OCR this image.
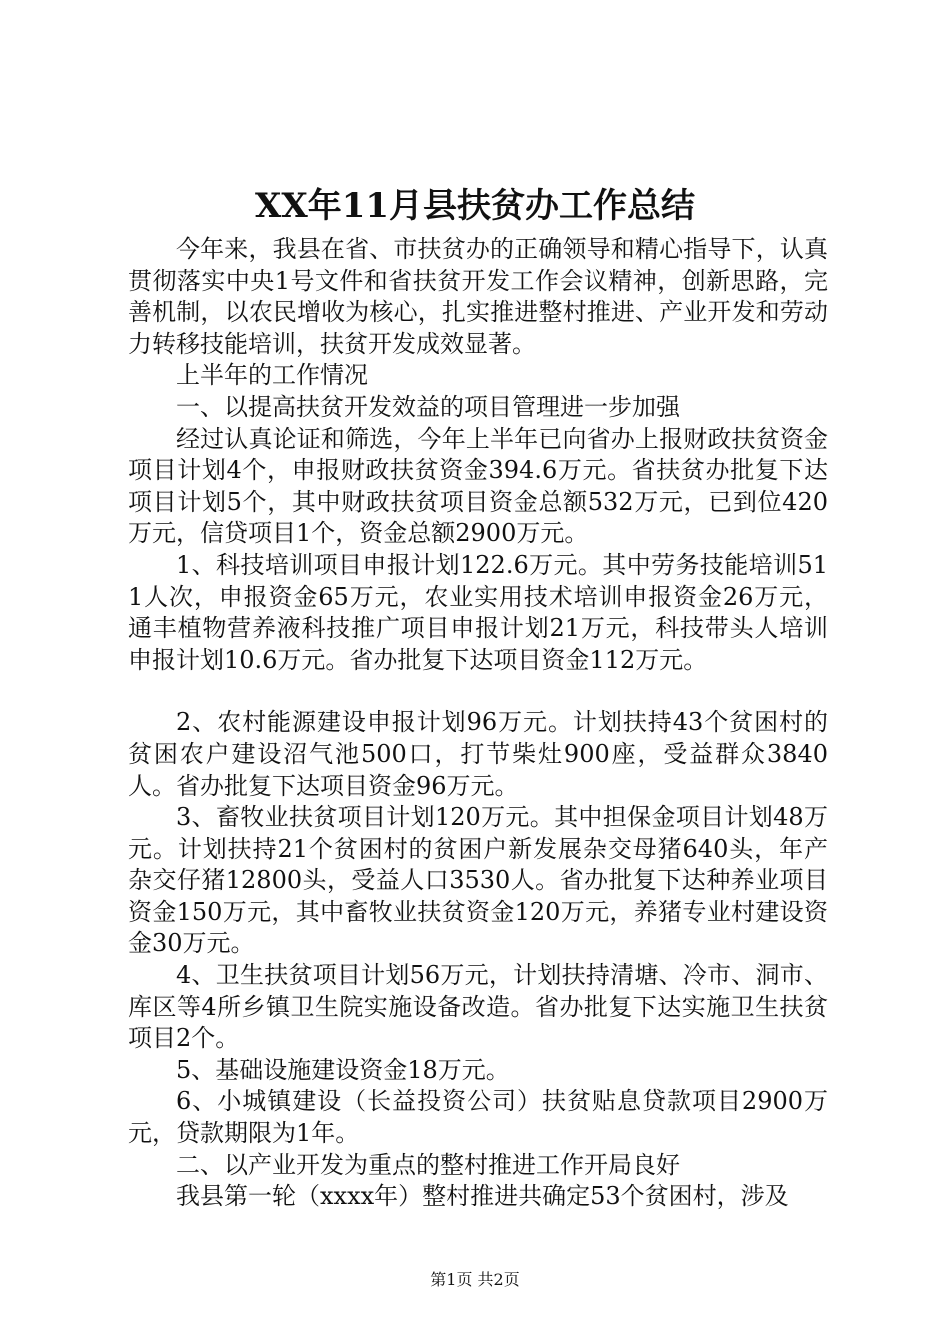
XX年11月县扶贫办工作总结

今年来，我县在省、市扶贫办的正确领导和精心指导下，认真贯彻落实中央1号文件和省扶贫开发工作会议精神，创新思路，完善机制，以农民增收为核心，扎实推进整村推进、产业开发和劳动力转移技能培训，扶贫开发成效显著。

上半年的工作情况

一、以提高扶贫开发效益的项目管理进一步加强

经过认真论证和筛选，今年上半年已向省办上报财政扶贫资金项目计划4个，申报财政扶贫资金394.6万元。省扶贫办批复下达项目计划5个，其中财政扶贫项目资金总额532万元，已到位420万元，信贷项目1个，资金总额2900万元。

1、科技培训项目申报计划122.6万元。其中劳务技能培训511人次，申报资金65万元，农业实用技术培训申报资金26万元，通丰植物营养液科技推广项目申报计划21万元，科技带头人培训申报计划10.6万元。省办批复下达项目资金112万元。

2、农村能源建设申报计划96万元。计划扶持43个贫困村的贫困农户建设沼气池500口，打节柴灶900座，受益群众3840人。省办批复下达项目资金96万元。

3、畜牧业扶贫项目计划120万元。其中担保金项目计划48万元。计划扶持21个贫困村的贫困户新发展杂交母猪640头，年产杂交仔猪12800头，受益人口3530人。省办批复下达种养业项目资金150万元，其中畜牧业扶贫资金120万元，养猪专业村建设资金30万元。

4、卫生扶贫项目计划56万元，计划扶持清塘、冷市、洞市、库区等4所乡镇卫生院实施设备改造。省办批复下达实施卫生扶贫项目2个。

5、基础设施建设资金18万元。

6、小城镇建设（长益投资公司）扶贫贴息贷款项目2900万元，贷款期限为1年。

二、以产业开发为重点的整村推进工作开局良好

我县第一轮（xxxx年）整村推进共确定53个贫困村，涉及

第1页 共2页
